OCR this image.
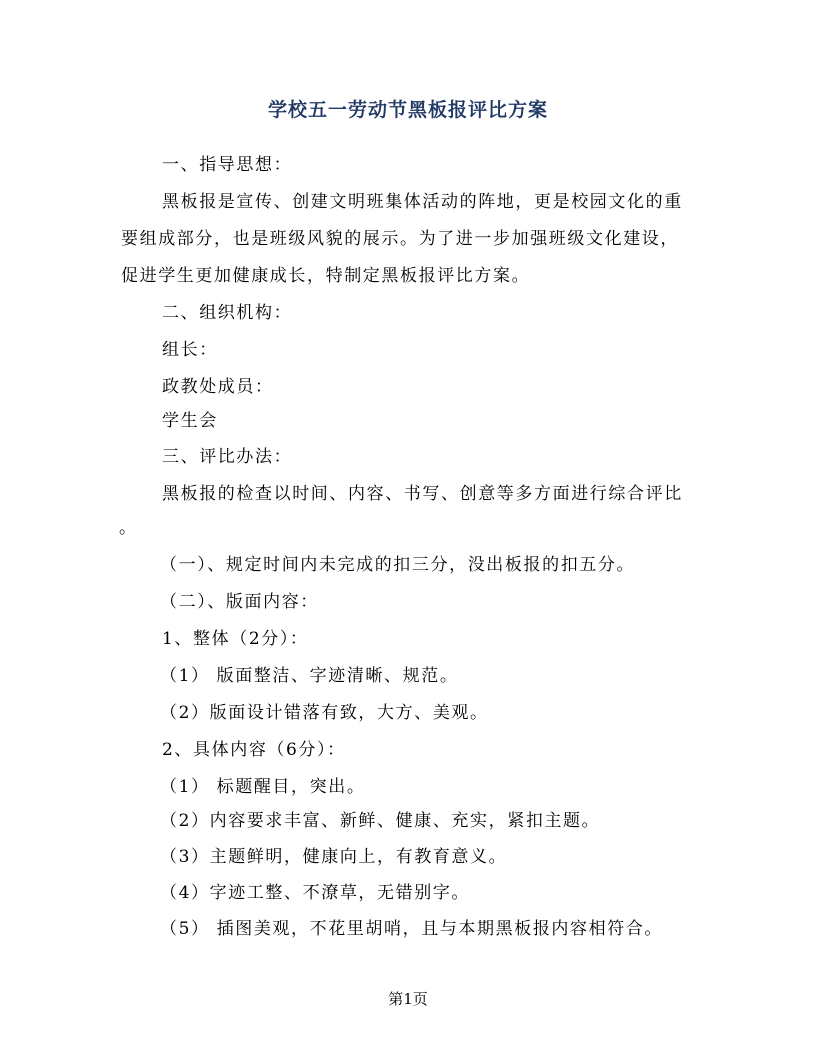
学校五一劳动节黑板报评比方案
一、指导思想：
黑板报是宣传、创建文明班集体活动的阵地，更是校园文化的重
要组成部分，也是班级风貌的展示。为了进一步加强班级文化建设，
促进学生更加健康成长，特制定黑板报评比方案。
二、组织机构：
组长：
政教处成员：
学生会
三、评比办法：
黑板报的检查以时间、内容、书写、创意等多方面进行综合评比
。
（一）、规定时间内未完成的扣三分，没出板报的扣五分。
（二）、版面内容：
1、整体（2分）：
（1） 版面整洁、字迹清晰、规范。
（2）版面设计错落有致，大方、美观。
2、具体内容（6分）：
（1） 标题醒目，突出。
（2）内容要求丰富、新鲜、健康、充实，紧扣主题。
（3）主题鲜明，健康向上，有教育意义。
（4）字迹工整、不潦草，无错别字。
（5） 插图美观，不花里胡哨，且与本期黑板报内容相符合。
第1页
